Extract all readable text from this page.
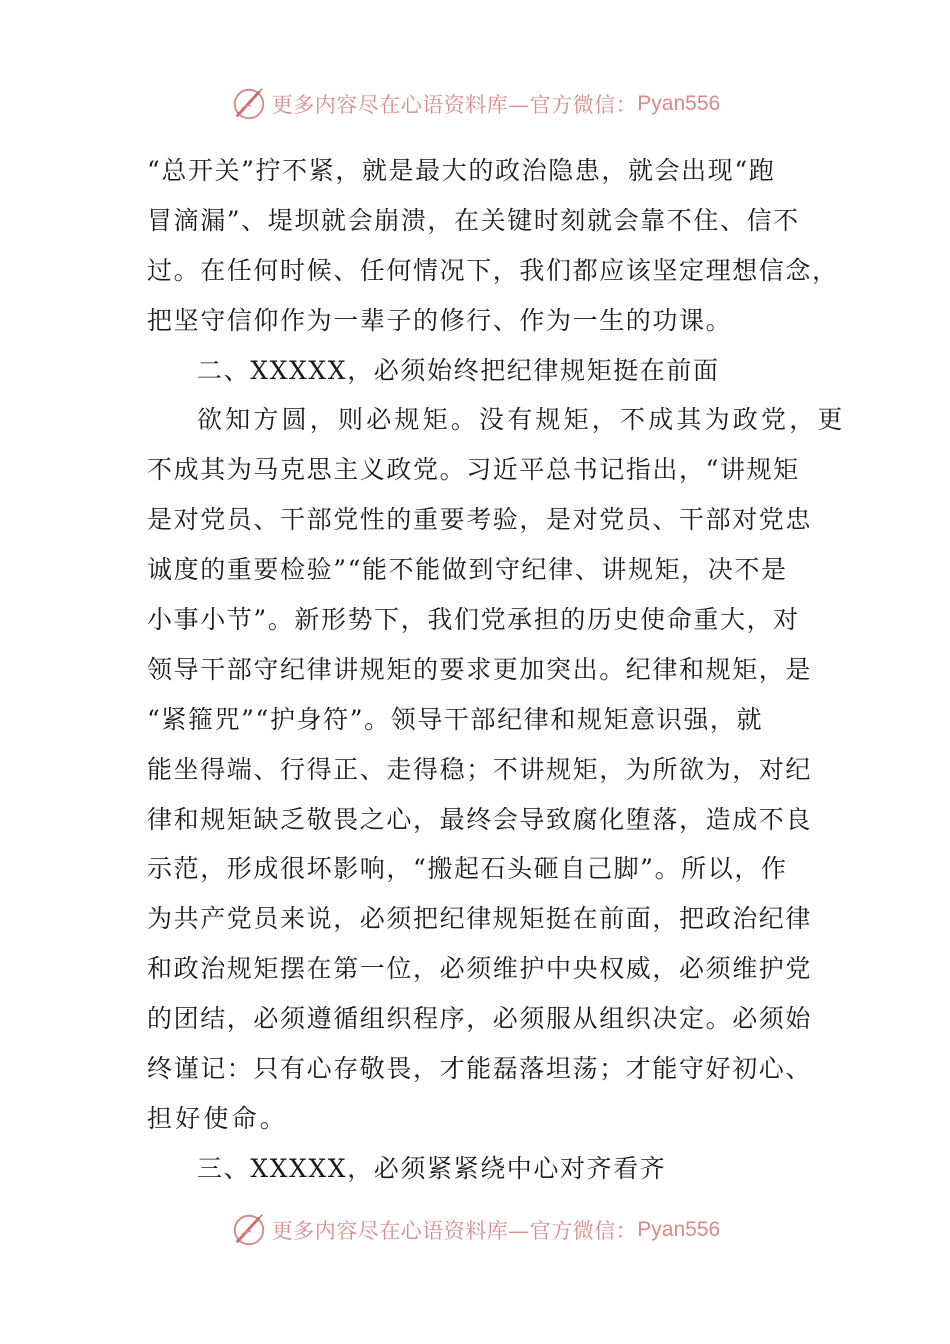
更多内容尽在心语资料库—官方微信： Pyan556
“总开关”拧不紧，就是最大的政治隐患，就会出现“跑
冒滴漏”、堤坝就会崩溃，在关键时刻就会靠不住、信不
过。在任何时候、任何情况下，我们都应该坚定理想信念，
把坚守信仰作为一辈子的修行、作为一生的功课。
二、XXXXX，必须始终把纪律规矩挺在前面
欲知方圆，则必规矩。没有规矩，不成其为政党，更
不成其为马克思主义政党。习近平总书记指出，“讲规矩
是对党员、干部党性的重要考验，是对党员、干部对党忠
诚度的重要检验”“能不能做到守纪律、讲规矩，决不是
小事小节”。新形势下，我们党承担的历史使命重大，对
领导干部守纪律讲规矩的要求更加突出。纪律和规矩，是
“紧箍咒”“护身符”。领导干部纪律和规矩意识强，就
能坐得端、行得正、走得稳；不讲规矩，为所欲为，对纪
律和规矩缺乏敬畏之心，最终会导致腐化堕落，造成不良
示范，形成很坏影响，“搬起石头砸自己脚”。所以，作
为共产党员来说，必须把纪律规矩挺在前面，把政治纪律
和政治规矩摆在第一位，必须维护中央权威，必须维护党
的团结，必须遵循组织程序，必须服从组织决定。必须始
终谨记：只有心存敬畏，才能磊落坦荡；才能守好初心、
担好使命。
三、XXXXX，必须紧紧绕中心对齐看齐
更多内容尽在心语资料库—官方微信： Pyan556
